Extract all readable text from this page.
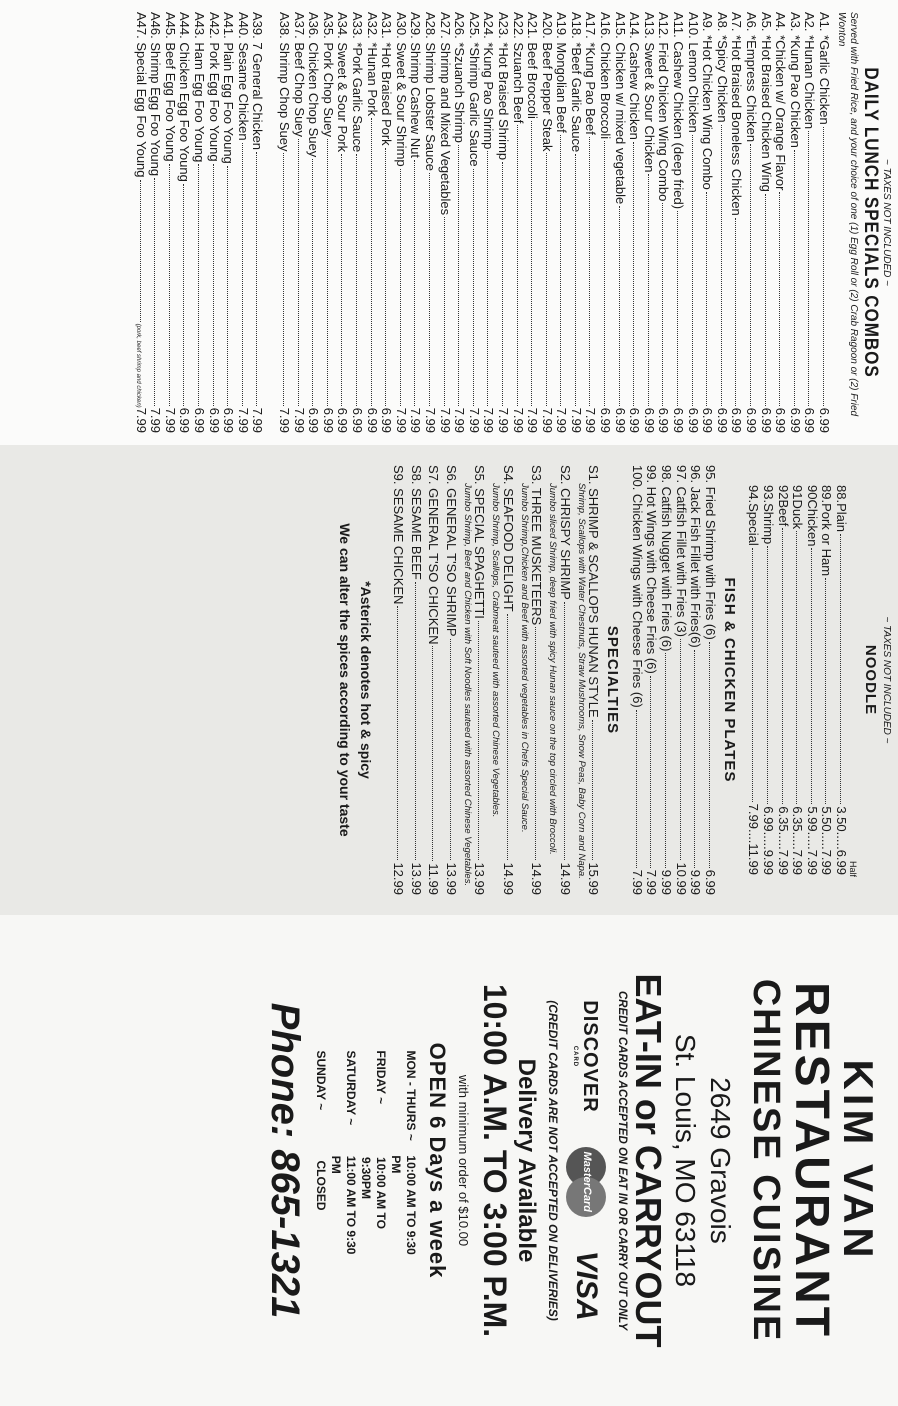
~ TAXES NOT INCLUDED ~
DAILY LUNCH SPECIALS COMBOS
Served with Fried Rice, and your choice of one (1) Egg Roll or (2) Crab Ragoon or (2) Fried Wonton
A1. *Garlic Chicken
6.99
A2. *Hunan Chicken
6.99
A3. *Kung Pao Chicken
6.99
A4. *Chicken w/ Orange Flavor
6.99
A5. *Hot Braised Chicken Wing
6.99
A6. *Empress Chicken
6.99
A7. *Hot Braised Boneless Chicken
6.99
A8. *Spicy Chicken
6.99
A9. *Hot Chicken Wing Combo
6.99
A10. Lemon Chicken
6.99
A11. Cashew Chicken (deep fried)
6.99
A12. Fried Chicken Wing Combo
6.99
A13. Sweet & Sour Chicken
6.99
A14. Cashew Chicken
6.99
A15. Chicken w/ mixed vegetable
6.99
A16. Chicken Broccoli
6.99
A17. *Kung Pao Beef
7.99
A18. *Beef Garlic Sauce
7.99
A19. Mongolian Beef
7.99
A20. Beef Pepper Steak
7.99
A21. Beef Broccoli
7.99
A22. Szuanch Beef
7.99
A23. *Hot Braised Shrimp
7.99
A24. *Kung Pao Shrimp
7.99
A25. *Shrimp Garlic Sauce
7.99
A26. *Szuanch Shrimp
7.99
A27. Shrimp and Mixed Vegetables
7.99
A28. Shrimp Lobster Sauce
7.99
A29. Shrimp Cashew Nut
7.99
A30. Sweet & Sour Shrimp
7.99
A31. *Hot Braised Pork
6.99
A32. *Hunan Pork
6.99
A33. *Pork Garlic Sauce
6.99
A34. Sweet & Sour Pork
6.99
A35. Pork Chop Suey
6.99
A36. Chicken Chop Suey
6.99
A37. Beef Chop Suey
7.99
A38. Shrimp Chop Suey
7.99
A39. 7 General Chicken
7.99
A40. Sesame Chicken
7.99
A41. Plain Egg Foo Young
6.99
A42. Pork Egg Foo Young
6.99
A43. Ham Egg Foo Young
6.99
A44. Chicken Egg Foo Young
6.99
A45. Beef Egg Foo Young
7.99
A46. Shrimp Egg Foo Young
7.99
A47. Special Egg Foo Young
(pork, beef shrimp and chicken)
7.99
~ TAXES NOT INCLUDED ~
NOODLE
Half
88.Plain
3.50.....6.99
89.Pork or Ham
5.50.....7.99
90Chicken
5.99.....7.99
91Duck
6.35.....7.99
92Beef
6.35.....7.99
93.Shrimp
6.99.....9.99
94.Special
7.99....11.99
FISH & CHICKEN PLATES
95. Fried Shrimp with Fries (6)
6.99
96. Jack Fish Fillet with Fries(6)
9.99
97. Catfish Fillet with Fries (3)
10.99
98. Catfish Nugget with Fries (6)
9.99
99. Hot Wings with Cheese Fries (6)
7.99
100. Chicken Wings with Cheese Fries (6)
7.99
SPECIALTIES
S1. SHRIMP & SCALLOPS HUNAN STYLE
15.99
Shrimp, Scallops with Water Chestnuts, Straw Mushrooms, Snow Peas, Baby Corn and Napa.
S2. CHRISPY SHRIMP
14.99
Jumbo sliced Shrimp, deep fried with spicy Hunan sauce on the top circled with Broccoli.
S3. THREE MUSKETEERS
14.99
Jumbo Shrimp,Chicken and Beef with assorted vegetables in Chefs Special Sauce.
S4. SEAFOOD DELIGHT
14.99
Jumbo Shrimp, Scallops, Crabmeat sauteed with assorted Chinese Vegetables.
S5. SPECIAL SPAGHETTI
13.99
Jumbo Shrimp, Beef and Chicken with Soft Noodles sauteed with assorted Chinese Vegetables.
S6. GENERAL T'SO SHRIMP
13.99
S7. GENERAL T'SO CHICKEN
11.99
S8. SESAME BEEF
13.99
S9. SESAME CHICKEN
12.99
*Asterick denotes hot & spicy
We can alter the spices according to your taste
KIM VAN
RESTAURANT
CHINESE CUISINE
2649 Gravois
St. Louis, MO 63118
EAT-IN or CARRYOUT
CREDIT CARDS ACCEPTED ON EAT IN OR CARRY OUT ONLY
DISCOVER
CARD
MasterCard
VISA
(CREDIT CARDS ARE NOT ACCEPTED ON DELIVERIES)
Delivery Available
10:00 A.M. TO 3:00 P.M.
with minimum order of $10.00
OPEN 6 Days a week
MON - THURS ~
10:00 AM TO 9:30 PM
FRIDAY ~
10:00 AM TO 9:30PM
SATURDAY ~
11:00 AM TO 9:30 PM
SUNDAY ~
CLOSED
Phone: 865-1321
